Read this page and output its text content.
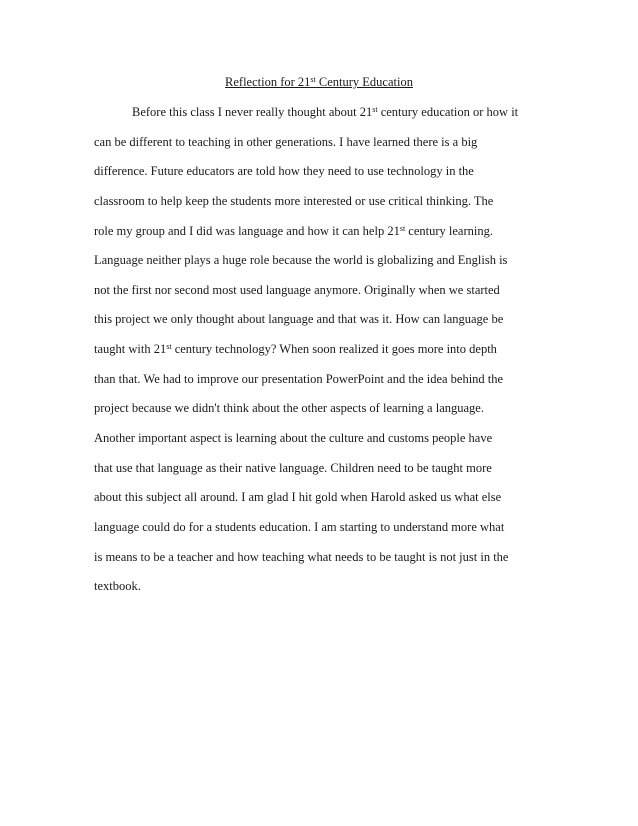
Reflection for 21st Century Education
Before this class I never really thought about 21st century education or how it
can be different to teaching in other generations. I have learned there is a big
difference. Future educators are told how they need to use technology in the
classroom to help keep the students more interested or use critical thinking. The
role my group and I did was language and how it can help 21st century learning.
Language neither plays a huge role because the world is globalizing and English is
not the first nor second most used language anymore. Originally when we started
this project we only thought about language and that was it. How can language be
taught with 21st century technology? When soon realized it goes more into depth
than that. We had to improve our presentation PowerPoint and the idea behind the
project because we didn't think about the other aspects of learning a language.
Another important aspect is learning about the culture and customs people have
that use that language as their native language. Children need to be taught more
about this subject all around. I am glad I hit gold when Harold asked us what else
language could do for a students education. I am starting to understand more what
is means to be a teacher and how teaching what needs to be taught is not just in the
textbook.
